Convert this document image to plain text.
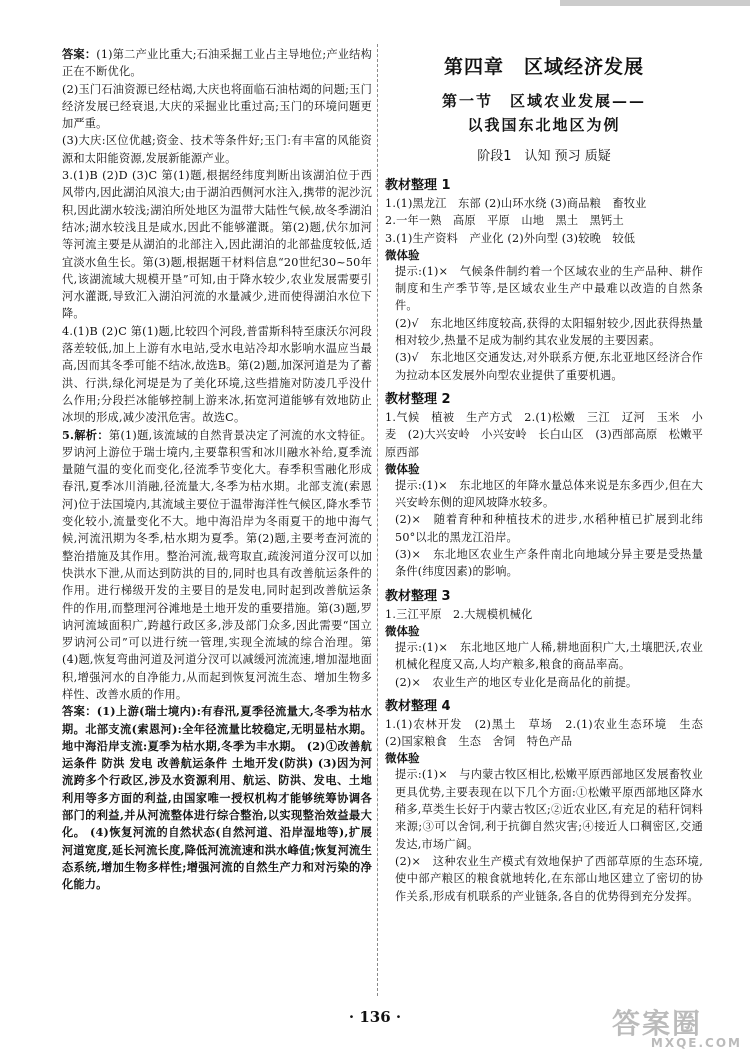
答案：(1)第二产业比重大;石油采掘工业占主导地位;产业结构正在不断优化。

(2)玉门石油资源已经枯竭,大庆也将面临石油枯竭的问题;玉门经济发展已经衰退,大庆的采掘业比重过高;玉门的环境问题更加严重。

(3)大庆:区位优越;资金、技术等条件好;玉门:有丰富的风能资源和太阳能资源,发展新能源产业。

3.(1)B (2)D (3)C 第(1)题,根据经纬度判断出该湖泊位于西风带内,因此湖泊风浪大;由于湖泊西侧河水注入,携带的泥沙沉积,因此湖水较浅;湖泊所处地区为温带大陆性气候,故冬季湖泊结冰;湖水较浅且是咸水,因此不能够灌溉。第(2)题,伏尔加河等河流主要是从湖泊的北部注入,因此湖泊的北部盐度较低,适宜淡水鱼生长。第(3)题,根据题干材料信息“20世纪30~50年代,该湖流域大规模开垦”可知,由于降水较少,农业发展需要引河水灌溉,导致汇入湖泊河流的水量减少,进而使得湖泊水位下降。

4.(1)B (2)C 第(1)题,比较四个河段,普雷斯科特至康沃尔河段落差较低,加上上游有水电站,受水电站冷却水影响水温应当最高,因而其冬季可能不结冰,故选B。第(2)题,加深河道是为了蓄洪、行洪,绿化河堤是为了美化环境,这些措施对防凌几乎没什么作用;分段拦冰能够控制上游来冰,拓宽河道能够有效地防止冰坝的形成,减少凌汛危害。故选C。

5.解析：第(1)题,该流域的自然背景决定了河流的水文特征。罗讷河上游位于瑞士境内,主要靠积雪和冰川融水补给,夏季流量随气温的变化而变化,径流季节变化大。春季积雪融化形成春汛,夏季冰川消融,径流量大,冬季为枯水期。北部支流(索恩河)位于法国境内,其流域主要位于温带海洋性气候区,降水季节变化较小,流量变化不大。地中海沿岸为冬雨夏干的地中海气候,河流汛期为冬季,枯水期为夏季。第(2)题,主要考查河流的整治措施及其作用。整治河流,裁弯取直,疏浚河道分汊可以加快洪水下泄,从而达到防洪的目的,同时也具有改善航运条件的作用。进行梯级开发的主要目的是发电,同时起到改善航运条件的作用,而整理河谷滩地是土地开发的重要措施。第(3)题,罗讷河流域面积广,跨越行政区多,涉及部门众多,因此需要“国立罗讷河公司”可以进行统一管理,实现全流域的综合治理。第(4)题,恢复弯曲河道及河道分汊可以减缓河流流速,增加湿地面积,增强河水的自净能力,从而起到恢复河流生态、增加生物多样性、改善水质的作用。

答案：(1)上游(瑞士境内):有春汛,夏季径流量大,冬季为枯水期。北部支流(索恩河):全年径流量比较稳定,无明显枯水期。地中海沿岸支流:夏季为枯水期,冬季为丰水期。 (2)①改善航运条件 防洪 发电 改善航运条件 土地开发(防洪) (3)因为河流跨多个行政区,涉及水资源利用、航运、防洪、发电、土地利用等多方面的利益,由国家唯一授权机构才能够统筹协调各部门的利益,并从河流整体进行综合整治,以实现整治效益最大化。 (4)恢复河流的自然状态(自然河道、沿岸湿地等),扩展河道宽度,延长河流长度,降低河流流速和洪水峰值;恢复河流生态系统,增加生物多样性;增强河流的自然生产力和对污染的净化能力。

第四章　区域经济发展

第一节　区域农业发展——

以我国东北地区为例

阶段1　认知 预习 质疑
教材整理 1

1.(1)黑龙江　东部 (2)山环水绕 (3)商品粮　畜牧业

2.一年一熟　高原　平原　山地　黑土　黑钙土

3.(1)生产资料　产业化 (2)外向型 (3)较晚　较低

微体验

提示:(1)×　气候条件制约着一个区域农业的生产品种、耕作制度和生产季节等,是区域农业生产中最难以改造的自然条件。

(2)√　东北地区纬度较高,获得的太阳辐射较少,因此获得热量相对较少,热量不足成为制约其农业发展的主要因素。

(3)√　东北地区交通发达,对外联系方便,东北亚地区经济合作为拉动本区发展外向型农业提供了重要机遇。

教材整理 2

1.气候　植被　生产方式　2.(1)松嫩　三江　辽河　玉米　小麦　(2)大兴安岭　小兴安岭　长白山区　(3)西部高原　松嫩平原西部

微体验

提示:(1)×　东北地区的年降水量总体来说是东多西少,但在大兴安岭东侧的迎风坡降水较多。

(2)×　随着育种和种植技术的进步,水稻种植已扩展到北纬50°以北的黑龙江沿岸。

(3)×　东北地区农业生产条件南北向地域分异主要是受热量条件(纬度因素)的影响。

教材整理 3

1.三江平原　2.大规模机械化

微体验

提示:(1)×　东北地区地广人稀,耕地面积广大,土壤肥沃,农业机械化程度又高,人均产粮多,粮食的商品率高。

(2)×　农业生产的地区专业化是商品化的前提。

教材整理 4

1.(1)农林开发　(2)黑土　草场　2.(1)农业生态环境　生态　(2)国家粮食　生态　舍饲　特色产品

微体验

提示:(1)×　与内蒙古牧区相比,松嫩平原西部地区发展畜牧业更具优势,主要表现在以下几个方面:①松嫩平原西部地区降水稍多,草类生长好于内蒙古牧区;②近农业区,有充足的秸秆饲料来源;③可以舍饲,利于抗御自然灾害;④接近人口稠密区,交通发达,市场广阔。

(2)×　这种农业生产模式有效地保护了西部草原的生态环境,使中部产粮区的粮食就地转化,在东部山地区建立了密切的协作关系,形成有机联系的产业链条,各自的优势得到充分发挥。

· 136 ·	答案圈
MXQE.COM
